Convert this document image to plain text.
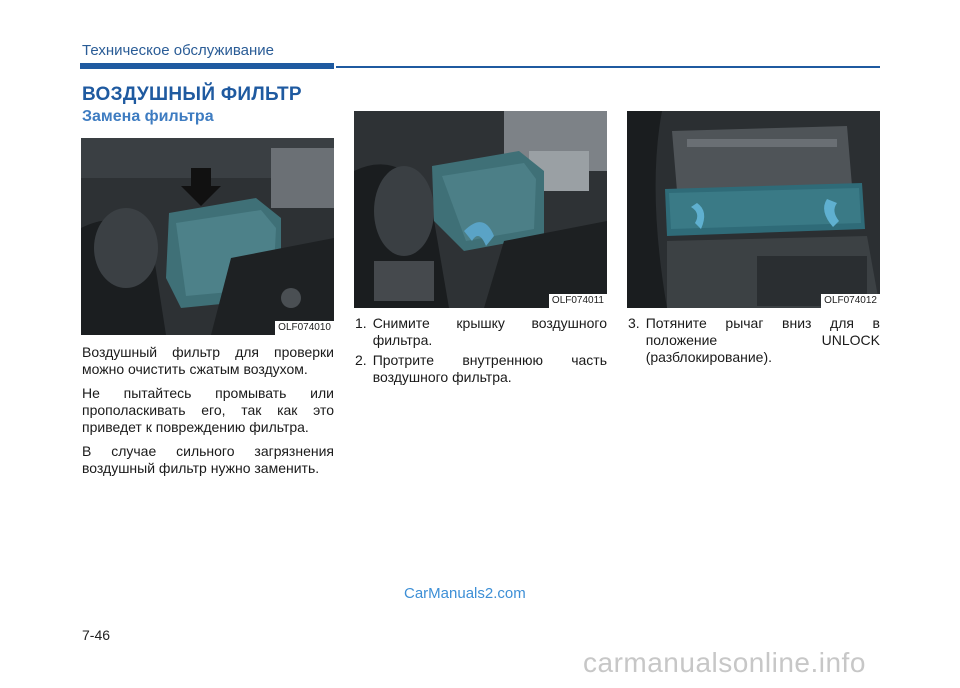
Техническое обслуживание
ВОЗДУШНЫЙ ФИЛЬТР
Замена фильтра
OLF074010
OLF074011	OLF074012

Воздушный фильтр для проверки можно очистить сжатым воздухом.

Не пытайтесь промывать или прополаскивать его, так как это приведет к повреждению фильтра.

В случае сильного загрязнения воздушный фильтр нужно заменить.

1. Снимите крышку воздушного фильтра.
2. Протрите внутреннюю часть воздушного фильтра.
3. Потяните рычаг вниз для в положение UNLOCK (разблокирование).
CarManuals2.com
7-46
carmanualsonline.info
